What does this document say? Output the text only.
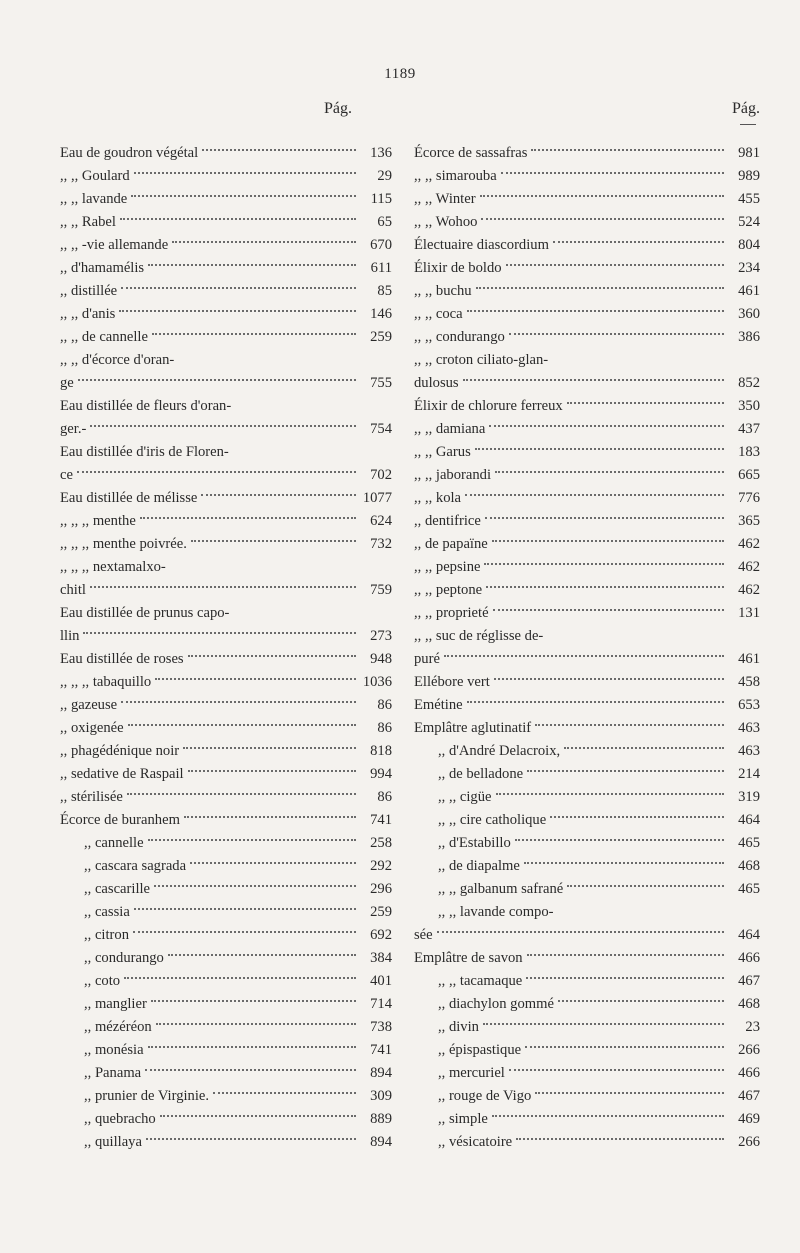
1189
Pág.
Eau de goudron végétal	136
,, ,, Goulard	29
,, ,, lavande	115
,, ,, Rabel	65
,, ,, -vie allemande	670
,, d'hamamélis	611
,, distillée	85
,, ,, d'anis	146
,, ,, de cannelle	259
,, ,, d'écorce d'oran-
ge	755
Eau distillée de fleurs d'oran-
ger.-	754
Eau distillée d'iris de Floren-
ce	702
Eau distillée de mélisse	1077
,, ,, ,, menthe	624
,, ,, ,, menthe poivrée.	732
,, ,, ,, nextamalxo-
chitl	759
Eau distillée de prunus capo-
llin	273
Eau distillée de roses	948
,, ,, ,, tabaquillo	1036
,, gazeuse	86
,, oxigenée	86
,, phagédénique noir	818
,, sedative de Raspail	994
,, stérilisée	86
Écorce de buranhem	741
,, cannelle	258
,, cascara sagrada	292
,, cascarille	296
,, cassia	259
,, citron	692
,, condurango	384
,, coto	401
,, manglier	714
,, mézéréon	738
,, monésia	741
,, Panama	894
,, prunier de Virginie.	309
,, quebracho	889
,, quillaya	894
Pág.
Écorce de sassafras	981
,, ,, simarouba	989
,, ,, Winter	455
,, ,, Wohoo	524
Électuaire diascordium	804
Élixir de boldo	234
,, ,, buchu	461
,, ,, coca	360
,, ,, condurango	386
,, ,, croton ciliato-glan-
dulosus	852
Élixir de chlorure ferreux	350
,, ,, damiana	437
,, ,, Garus	183
,, ,, jaborandi	665
,, ,, kola	776
,, dentifrice	365
,, de papaïne	462
,, ,, pepsine	462
,, ,, peptone	462
,, ,, proprieté	131
,, ,, suc de réglisse de-
puré	461
Ellébore vert	458
Emétine	653
Emplâtre aglutinatif	463
,, d'André Delacroix,	463
,, de belladone	214
,, ,, cigüe	319
,, ,, cire catholique	464
,, d'Estabillo	465
,, de diapalme	468
,, ,, galbanum safrané	465
,, ,, lavande compo-
sée	464
Emplâtre de savon	466
,, ,, tacamaque	467
,, diachylon gommé	468
,, divin	23
,, épispastique	266
,, mercuriel	466
,, rouge de Vigo	467
,, simple	469
,, vésicatoire	266
